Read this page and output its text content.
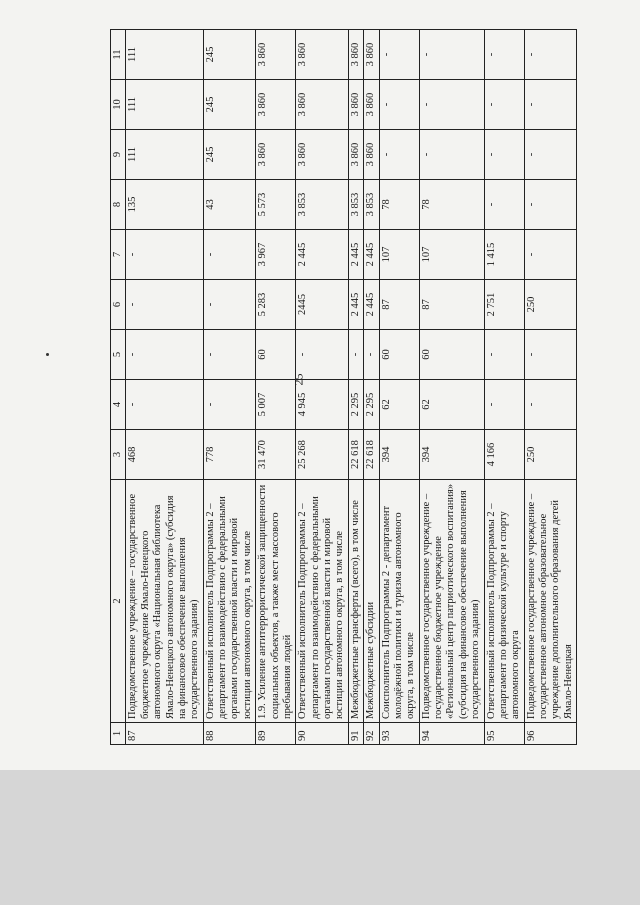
25
1	2	3	4	5	6	7	8	9	10	11
87	Подведомственное учреждение – государственное бюджетное учреждение Ямало-Ненецкого автономного округа «Национальная библиотека Ямало-Ненецкого автономного округа» (субсидия на финансовое обеспечение выполнения государственного задания)	468	-	-	-	-	135	111	111	111
88	Ответственный исполнитель Подпрограммы 2 – департамент по взаимодействию с федеральными органами государственной власти и мировой юстиции автономного округа, в том числе	778	-	-	-	-	43	245	245	245
89	1.9. Усиление антитеррористической защищенности социальных объектов, а также мест массового пребывания людей	31 470	5 007	60	5 283	3 967	5 573	3 860	3 860	3 860
90	Ответственный исполнитель Подпрограммы 2 – департамент по взаимодействию с федеральными органами государственной власти и мировой юстиции автономного округа, в том числе	25 268	4 945	-	2445	2 445	3 853	3 860	3 860	3 860
91	Межбюджетные трансферты (всего), в том числе	22 618	2 295	-	2 445	2 445	3 853	3 860	3 860	3 860
92	Межбюджетные субсидии	22 618	2 295	-	2 445	2 445	3 853	3 860	3 860	3 860
93	Соисполнитель Подпрограммы 2 - департамент молодёжной политики и туризма автономного округа, в том числе	394	62	60	87	107	78	-	-	-
94	Подведомственное государственное учреждение – государственное бюджетное учреждение «Региональный центр патриотического воспитания» (субсидия на финансовое обеспечение выполнения государственного задания)	394	62	60	87	107	78	-	-	-
95	Ответственный исполнитель Подпрограммы 2 – департамент по физической культуре и спорту автономного округа	4 166	-	-	2 751	1 415	-	-	-	-
96	Подведомственное государственное учреждение – государственное автономное образовательное учреждение дополнительного образования детей Ямало-Ненецкая	250	-	-	250	-	-	-	-	-
